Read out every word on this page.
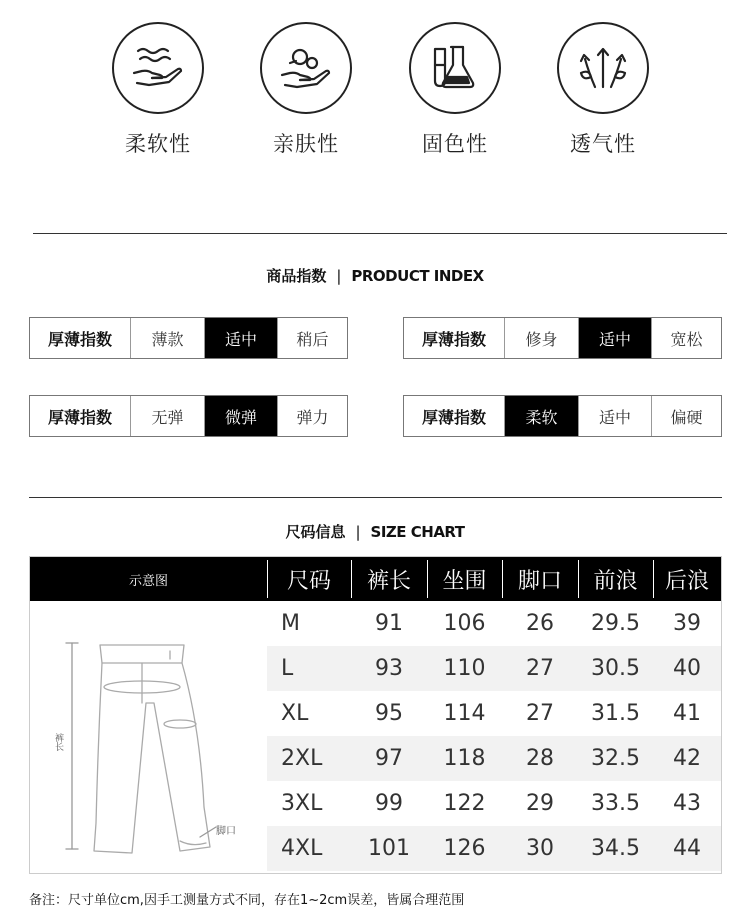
柔软性	亲肤性	固色性	透气性
商品指数 | PRODUCT INDEX
厚薄指数	薄款	适中	稍后	厚薄指数	修身	适中	宽松
厚薄指数	无弹	微弹	弹力	厚薄指数	柔软	适中	偏硬
尺码信息 | SIZE CHART
示意图	尺码	裤长	坐围	脚口	前浪	后浪
裤长
脚口
M	91	106	26	29.5	39
L	93	110	27	30.5	40
XL	95	114	27	31.5	41
2XL	97	118	28	32.5	42
3XL	99	122	29	33.5	43
4XL	101	126	30	34.5	44
备注：尺寸单位cm,因手工测量方式不同，存在1~2cm误差，皆属合理范围
